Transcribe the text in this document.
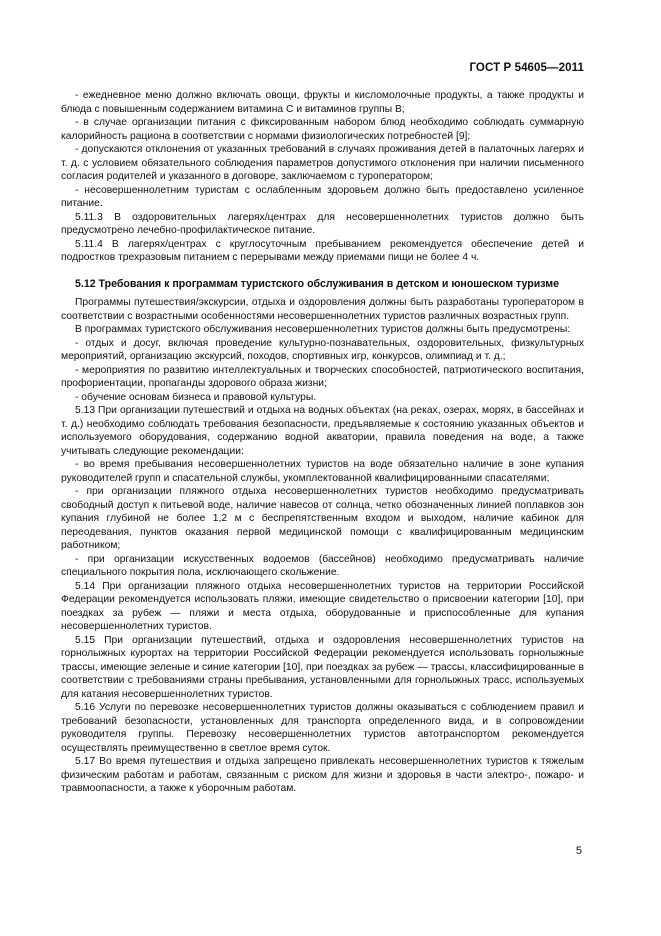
ГОСТ Р 54605—2011

- ежедневное меню должно включать овощи, фрукты и кисломолочные продукты, а также продукты и блюда с повышенным содержанием витамина С и витаминов группы В;

- в случае организации питания с фиксированным набором блюд необходимо соблюдать суммарную калорийность рациона в соответствии с нормами физиологических потребностей [9];

- допускаются отклонения от указанных требований в случаях проживания детей в палаточных лагерях и т. д. с условием обязательного соблюдения параметров допустимого отклонения при наличии письменного согласия родителей и указанного в договоре, заключаемом с туроператором;

- несовершеннолетним туристам с ослабленным здоровьем должно быть предоставлено усиленное питание.

5.11.3 В оздоровительных лагерях/центрах для несовершеннолетних туристов должно быть предусмотрено лечебно-профилактическое питание.

5.11.4 В лагерях/центрах с круглосуточным пребыванием рекомендуется обеспечение детей и подростков трехразовым питанием с перерывами между приемами пищи не более 4 ч.

5.12 Требования к программам туристского обслуживания в детском и юношеском туризме

Программы путешествия/экскурсии, отдыха и оздоровления должны быть разработаны туроператором в соответствии с возрастными особенностями несовершеннолетних туристов различных возрастных групп.

В программах туристского обслуживания несовершеннолетних туристов должны быть предусмотрены:

- отдых и досуг, включая проведение культурно-познавательных, оздоровительных, физкультурных мероприятий, организацию экскурсий, походов, спортивных игр, конкурсов, олимпиад и т. д.;

- мероприятия по развитию интеллектуальных и творческих способностей, патриотического воспитания, профориентации, пропаганды здорового образа жизни;

- обучение основам бизнеса и правовой культуры.

5.13 При организации путешествий и отдыха на водных объектах (на реках, озерах, морях, в бассейнах и т. д.) необходимо соблюдать требования безопасности, предъявляемые к состоянию указанных объектов и используемого оборудования, содержанию водной акватории, правила поведения на воде, а также учитывать следующие рекомендации:

- во время пребывания несовершеннолетних туристов на воде обязательно наличие в зоне купания руководителей групп и спасательной службы, укомплектованной квалифицированными спасателями;

- при организации пляжного отдыха несовершеннолетних туристов необходимо предусматривать свободный доступ к питьевой воде, наличие навесов от солнца, четко обозначенных линией поплавков зон купания глубиной не более 1,2 м с беспрепятственным входом и выходом, наличие кабинок для переодевания, пунктов оказания первой медицинской помощи с квалифицированным медицинским работником;

- при организации искусственных водоемов (бассейнов) необходимо предусматривать наличие специального покрытия пола, исключающего скольжение.

5.14 При организации пляжного отдыха несовершеннолетних туристов на территории Российской Федерации рекомендуется использовать пляжи, имеющие свидетельство о присвоении категории [10], при поездках за рубеж — пляжи и места отдыха, оборудованные и приспособленные для купания несовершеннолетних туристов.

5.15 При организации путешествий, отдыха и оздоровления несовершеннолетних туристов на горнолыжных курортах на территории Российской Федерации рекомендуется использовать горнолыжные трассы, имеющие зеленые и синие категории [10], при поездках за рубеж — трассы, классифицированные в соответствии с требованиями страны пребывания, установленными для горнолыжных трасс, используемых для катания несовершеннолетних туристов.

5.16 Услуги по перевозке несовершеннолетних туристов должны оказываться с соблюдением правил и требований безопасности, установленных для транспорта определенного вида, и в сопровождении руководителя группы. Перевозку несовершеннолетних туристов автотранспортом рекомендуется осуществлять преимущественно в светлое время суток.

5.17 Во время путешествия и отдыха запрещено привлекать несовершеннолетних туристов к тяжелым физическим работам и работам, связанным с риском для жизни и здоровья в части электро-, пожаро- и травмоопасности, а также к уборочным работам.

5
